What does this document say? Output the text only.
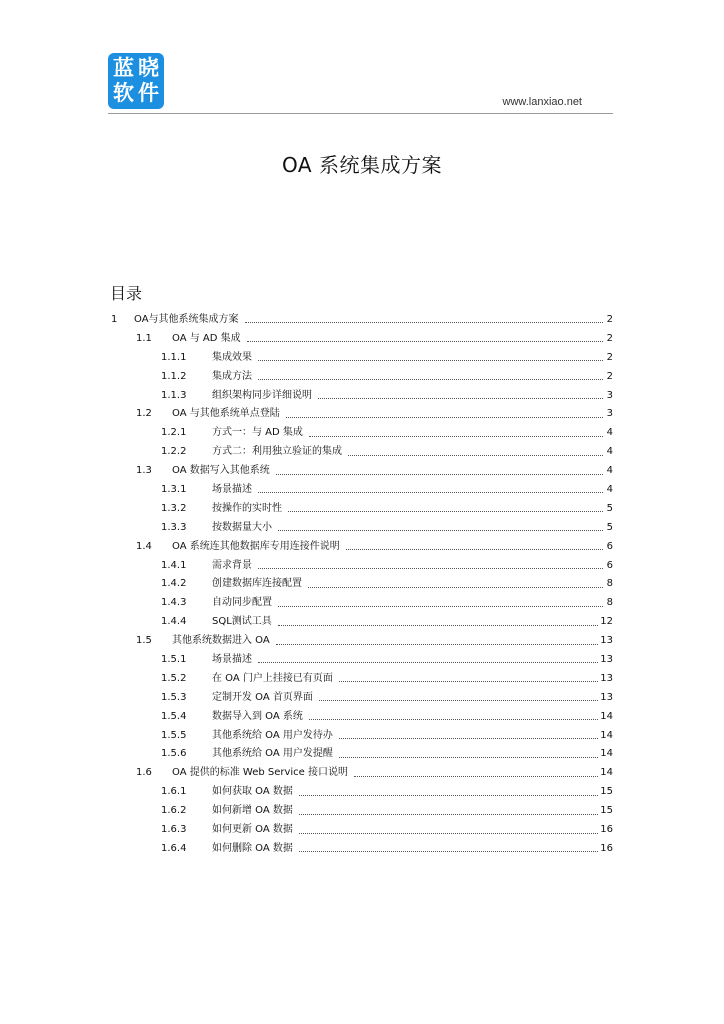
蓝 晓
软 件	www.lanxiao.net
OA 系统集成方案
目录
1 OA与其他系统集成方案	2
1.1 OA 与 AD 集成	2
1.1.1	集成效果	2
1.1.2	集成方法	2
1.1.3	组织架构同步详细说明	3
1.2 OA 与其他系统单点登陆	3
1.2.1	方式一：与 AD 集成	4
1.2.2	方式二：利用独立验证的集成	4
1.3 OA 数据写入其他系统	4
1.3.1	场景描述	4
1.3.2	按操作的实时性	5
1.3.3	按数据量大小	5
1.4 OA 系统连其他数据库专用连接件说明	6
1.4.1	需求背景	6
1.4.2	创建数据库连接配置	8
1.4.3	自动同步配置	8
1.4.4	SQL测试工具	12
1.5 其他系统数据进入 OA	13
1.5.1	场景描述	13
1.5.2	在 OA 门户上挂接已有页面	13
1.5.3	定制开发 OA 首页界面	13
1.5.4	数据导入到 OA 系统	14
1.5.5	其他系统给 OA 用户发待办	14
1.5.6	其他系统给 OA 用户发提醒	14
1.6 OA 提供的标准 Web Service 接口说明	14
1.6.1	如何获取 OA 数据	15
1.6.2	如何新增 OA 数据	15
1.6.3	如何更新 OA 数据	16
1.6.4	如何删除 OA 数据	16
